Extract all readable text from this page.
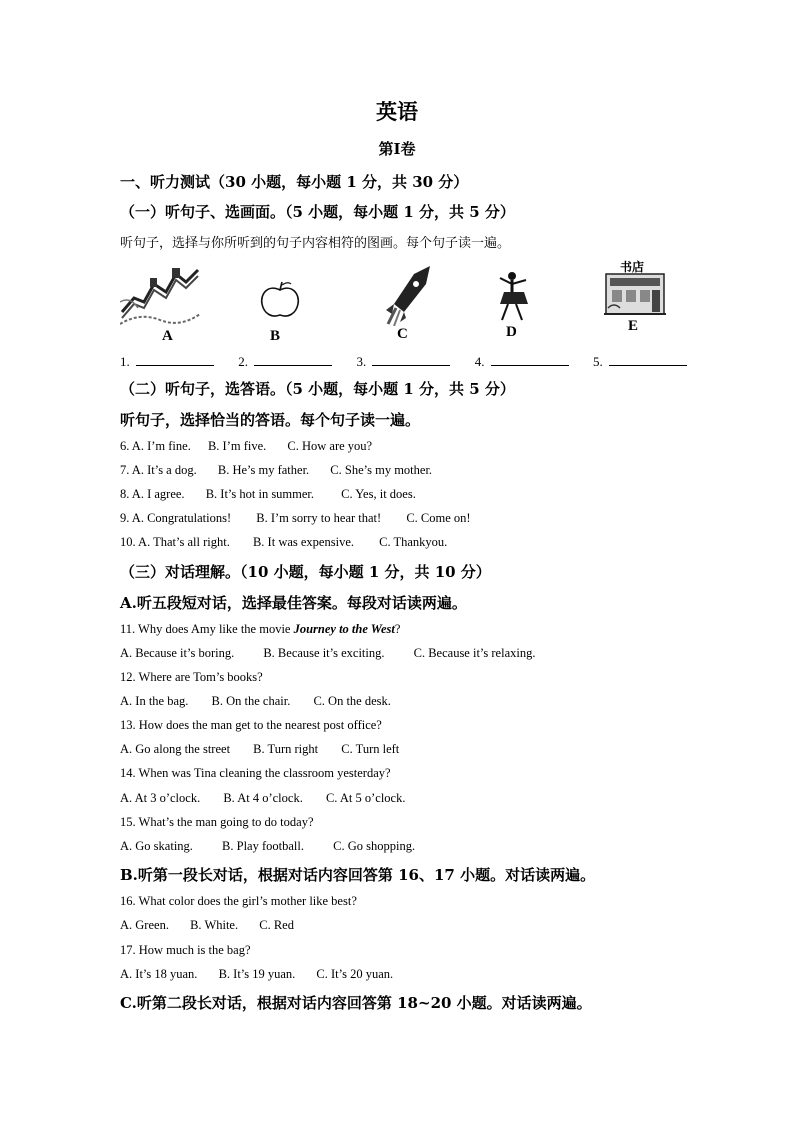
英语
第Ⅰ卷
一、听力测试（30 小题，每小题 1 分，共 30 分）
（一）听句子、选画面。（5 小题，每小题 1 分，共 5 分）
听句子，选择与你所听到的句子内容相符的图画。每个句子读一遍。
A	B	C	D
书店
E
1.	2.	3.	4.	5.
（二）听句子，选答语。（5 小题，每小题 1 分，共 5 分）
听句子，选择恰当的答语。每个句子读一遍。
6. A. I’m fine. B. I’m five. C. How are you?
7. A. It’s a dog. B. He’s my father. C. She’s my mother.
8. A. I agree. B. It’s hot in summer. C. Yes, it does.
9. A. Congratulations! B. I’m sorry to hear that! C. Come on!
10. A. That’s all right. B. It was expensive. C. Thankyou.
（三）对话理解。（10 小题，每小题 1 分，共 10 分）
A.听五段短对话，选择最佳答案。每段对话读两遍。
11. Why does Amy like the movie Journey to the West?
A. Because it’s boring. B. Because it’s exciting. C. Because it’s relaxing.
12. Where are Tom’s books?
A. In the bag. B. On the chair. C. On the desk.
13. How does the man get to the nearest post office?
A. Go along the street B. Turn right C. Turn left
14. When was Tina cleaning the classroom yesterday?
A. At 3 o’clock. B. At 4 o’clock. C. At 5 o’clock.
15. What’s the man going to do today?
A. Go skating. B. Play football. C. Go shopping.
B.听第一段长对话，根据对话内容回答第 16、17 小题。对话读两遍。
16. What color does the girl’s mother like best?
A. Green. B. White. C. Red
17. How much is the bag?
A. It’s 18 yuan. B. It’s 19 yuan. C. It’s 20 yuan.
C.听第二段长对话，根据对话内容回答第 18~20 小题。对话读两遍。
